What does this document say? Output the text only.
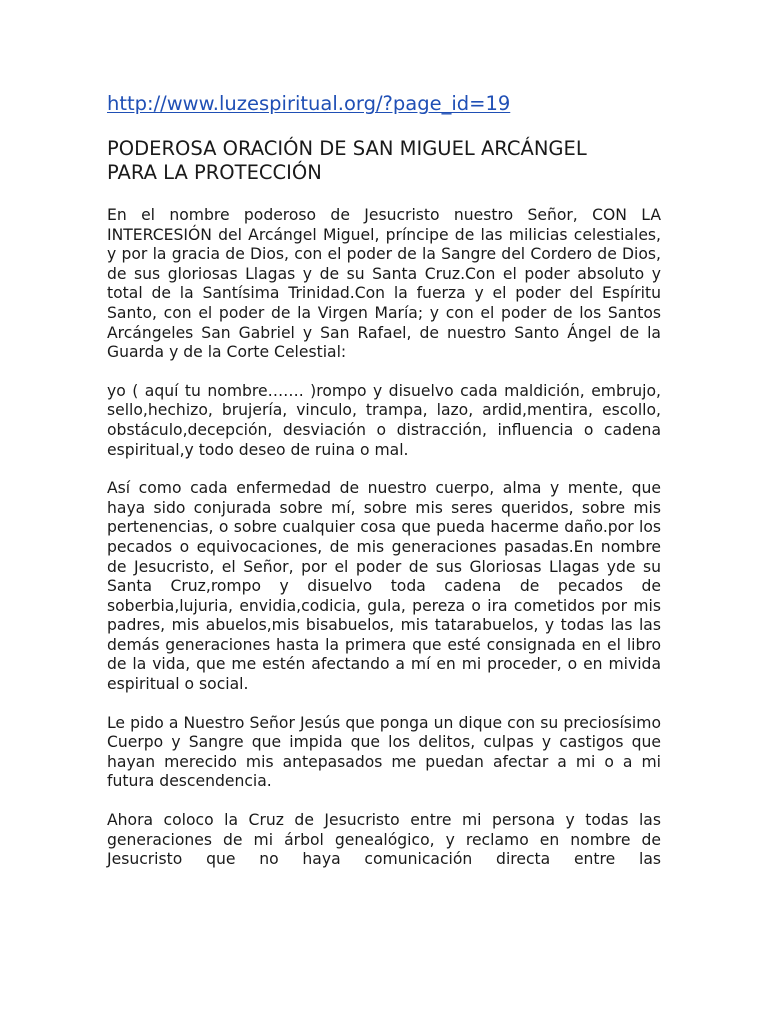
http://www.luzespiritual.org/?page_id=19
PODEROSA ORACIÓN DE SAN MIGUEL ARCÁNGEL
PARA LA PROTECCIÓN

En el nombre poderoso de Jesucristo nuestro Señor, CON LA INTERCESIÓN del Arcángel Miguel, príncipe de las milicias celestiales, y por la gracia de Dios, con el poder de la Sangre del Cordero de Dios, de sus gloriosas Llagas y de su Santa Cruz.Con el poder absoluto y total de la Santísima Trinidad.Con la fuerza y el poder del Espíritu Santo, con el poder de la Virgen María; y con el poder de los Santos Arcángeles San Gabriel y San Rafael, de nuestro Santo Ángel de la Guarda y de la Corte Celestial:

yo ( aquí tu nombre……. )rompo y disuelvo cada maldición, embrujo, sello,hechizo, brujería, vinculo, trampa, lazo, ardid,mentira, escollo, obstáculo,decepción, desviación o distracción, influencia o cadena espiritual,y todo deseo de ruina o mal.

Así como cada enfermedad de nuestro cuerpo, alma y mente, que haya sido conjurada sobre mí, sobre mis seres queridos, sobre mis pertenencias, o sobre cualquier cosa que pueda hacerme daño.por los pecados o equivocaciones, de mis generaciones pasadas.En nombre de Jesucristo, el Señor, por el poder de sus Gloriosas Llagas yde su Santa Cruz,rompo y disuelvo toda cadena de pecados de soberbia,lujuria, envidia,codicia, gula, pereza o ira cometidos por mis padres, mis abuelos,mis bisabuelos, mis tatarabuelos, y todas las las demás generaciones hasta la primera que esté consignada en el libro de la vida, que me estén afectando a mí en mi proceder, o en mivida espiritual o social.

Le pido a Nuestro Señor Jesús que ponga un dique con su preciosísimo Cuerpo y Sangre que impida que los delitos, culpas y castigos que hayan merecido mis antepasados me puedan afectar a mi o a mi futura descendencia.

Ahora coloco la Cruz de Jesucristo entre mi persona y todas las generaciones de mi árbol genealógico, y reclamo en nombre de Jesucristo que no haya comunicación directa entre las
